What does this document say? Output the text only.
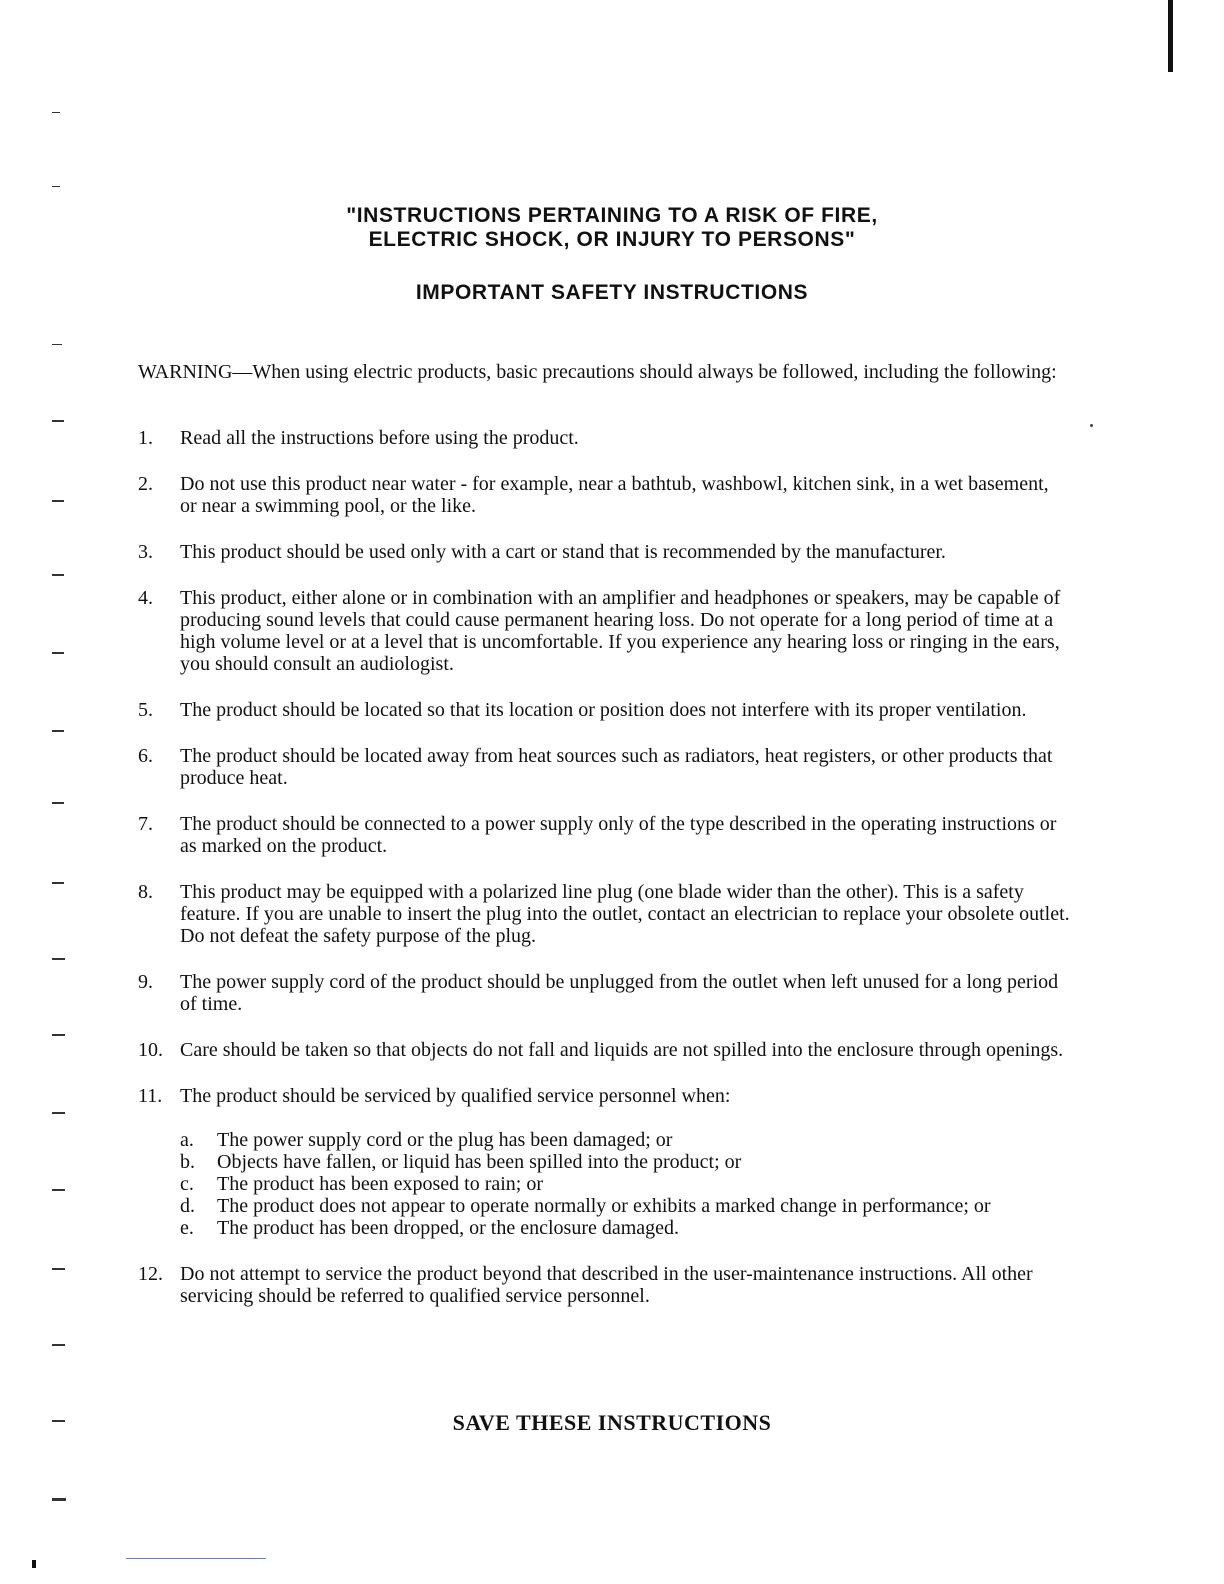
"INSTRUCTIONS PERTAINING TO A RISK OF FIRE,
ELECTRIC SHOCK, OR INJURY TO PERSONS"
IMPORTANT SAFETY INSTRUCTIONS

WARNING—When using electric products, basic precautions should always be followed, including the following:

1.	Read all the instructions before using the product.
2.	Do not use this product near water - for example, near a bathtub, washbowl, kitchen sink, in a wet basement, or near a swimming pool, or the like.
3.	This product should be used only with a cart or stand that is recommended by the manufacturer.
4.	This product, either alone or in combination with an amplifier and headphones or speakers, may be capable of producing sound levels that could cause permanent hearing loss. Do not operate for a long period of time at a high volume level or at a level that is uncomfortable. If you experience any hearing loss or ringing in the ears, you should consult an audiologist.
5.	The product should be located so that its location or position does not interfere with its proper ventilation.
6.	The product should be located away from heat sources such as radiators, heat registers, or other products that produce heat.
7.	The product should be connected to a power supply only of the type described in the operating instructions or as marked on the product.
8.	This product may be equipped with a polarized line plug (one blade wider than the other). This is a safety feature. If you are unable to insert the plug into the outlet, contact an electrician to replace your obsolete outlet. Do not defeat the safety purpose of the plug.
9.	The power supply cord of the product should be unplugged from the outlet when left unused for a long period of time.
10. Care should be taken so that objects do not fall and liquids are not spilled into the enclosure through openings.
11. The product should be serviced by qualified service personnel when:
a. The power supply cord or the plug has been damaged; or
b. Objects have fallen, or liquid has been spilled into the product; or
c. The product has been exposed to rain; or
d. The product does not appear to operate normally or exhibits a marked change in performance; or
e. The product has been dropped, or the enclosure damaged.
12. Do not attempt to service the product beyond that described in the user-maintenance instructions. All other servicing should be referred to qualified service personnel.

SAVE THESE INSTRUCTIONS
